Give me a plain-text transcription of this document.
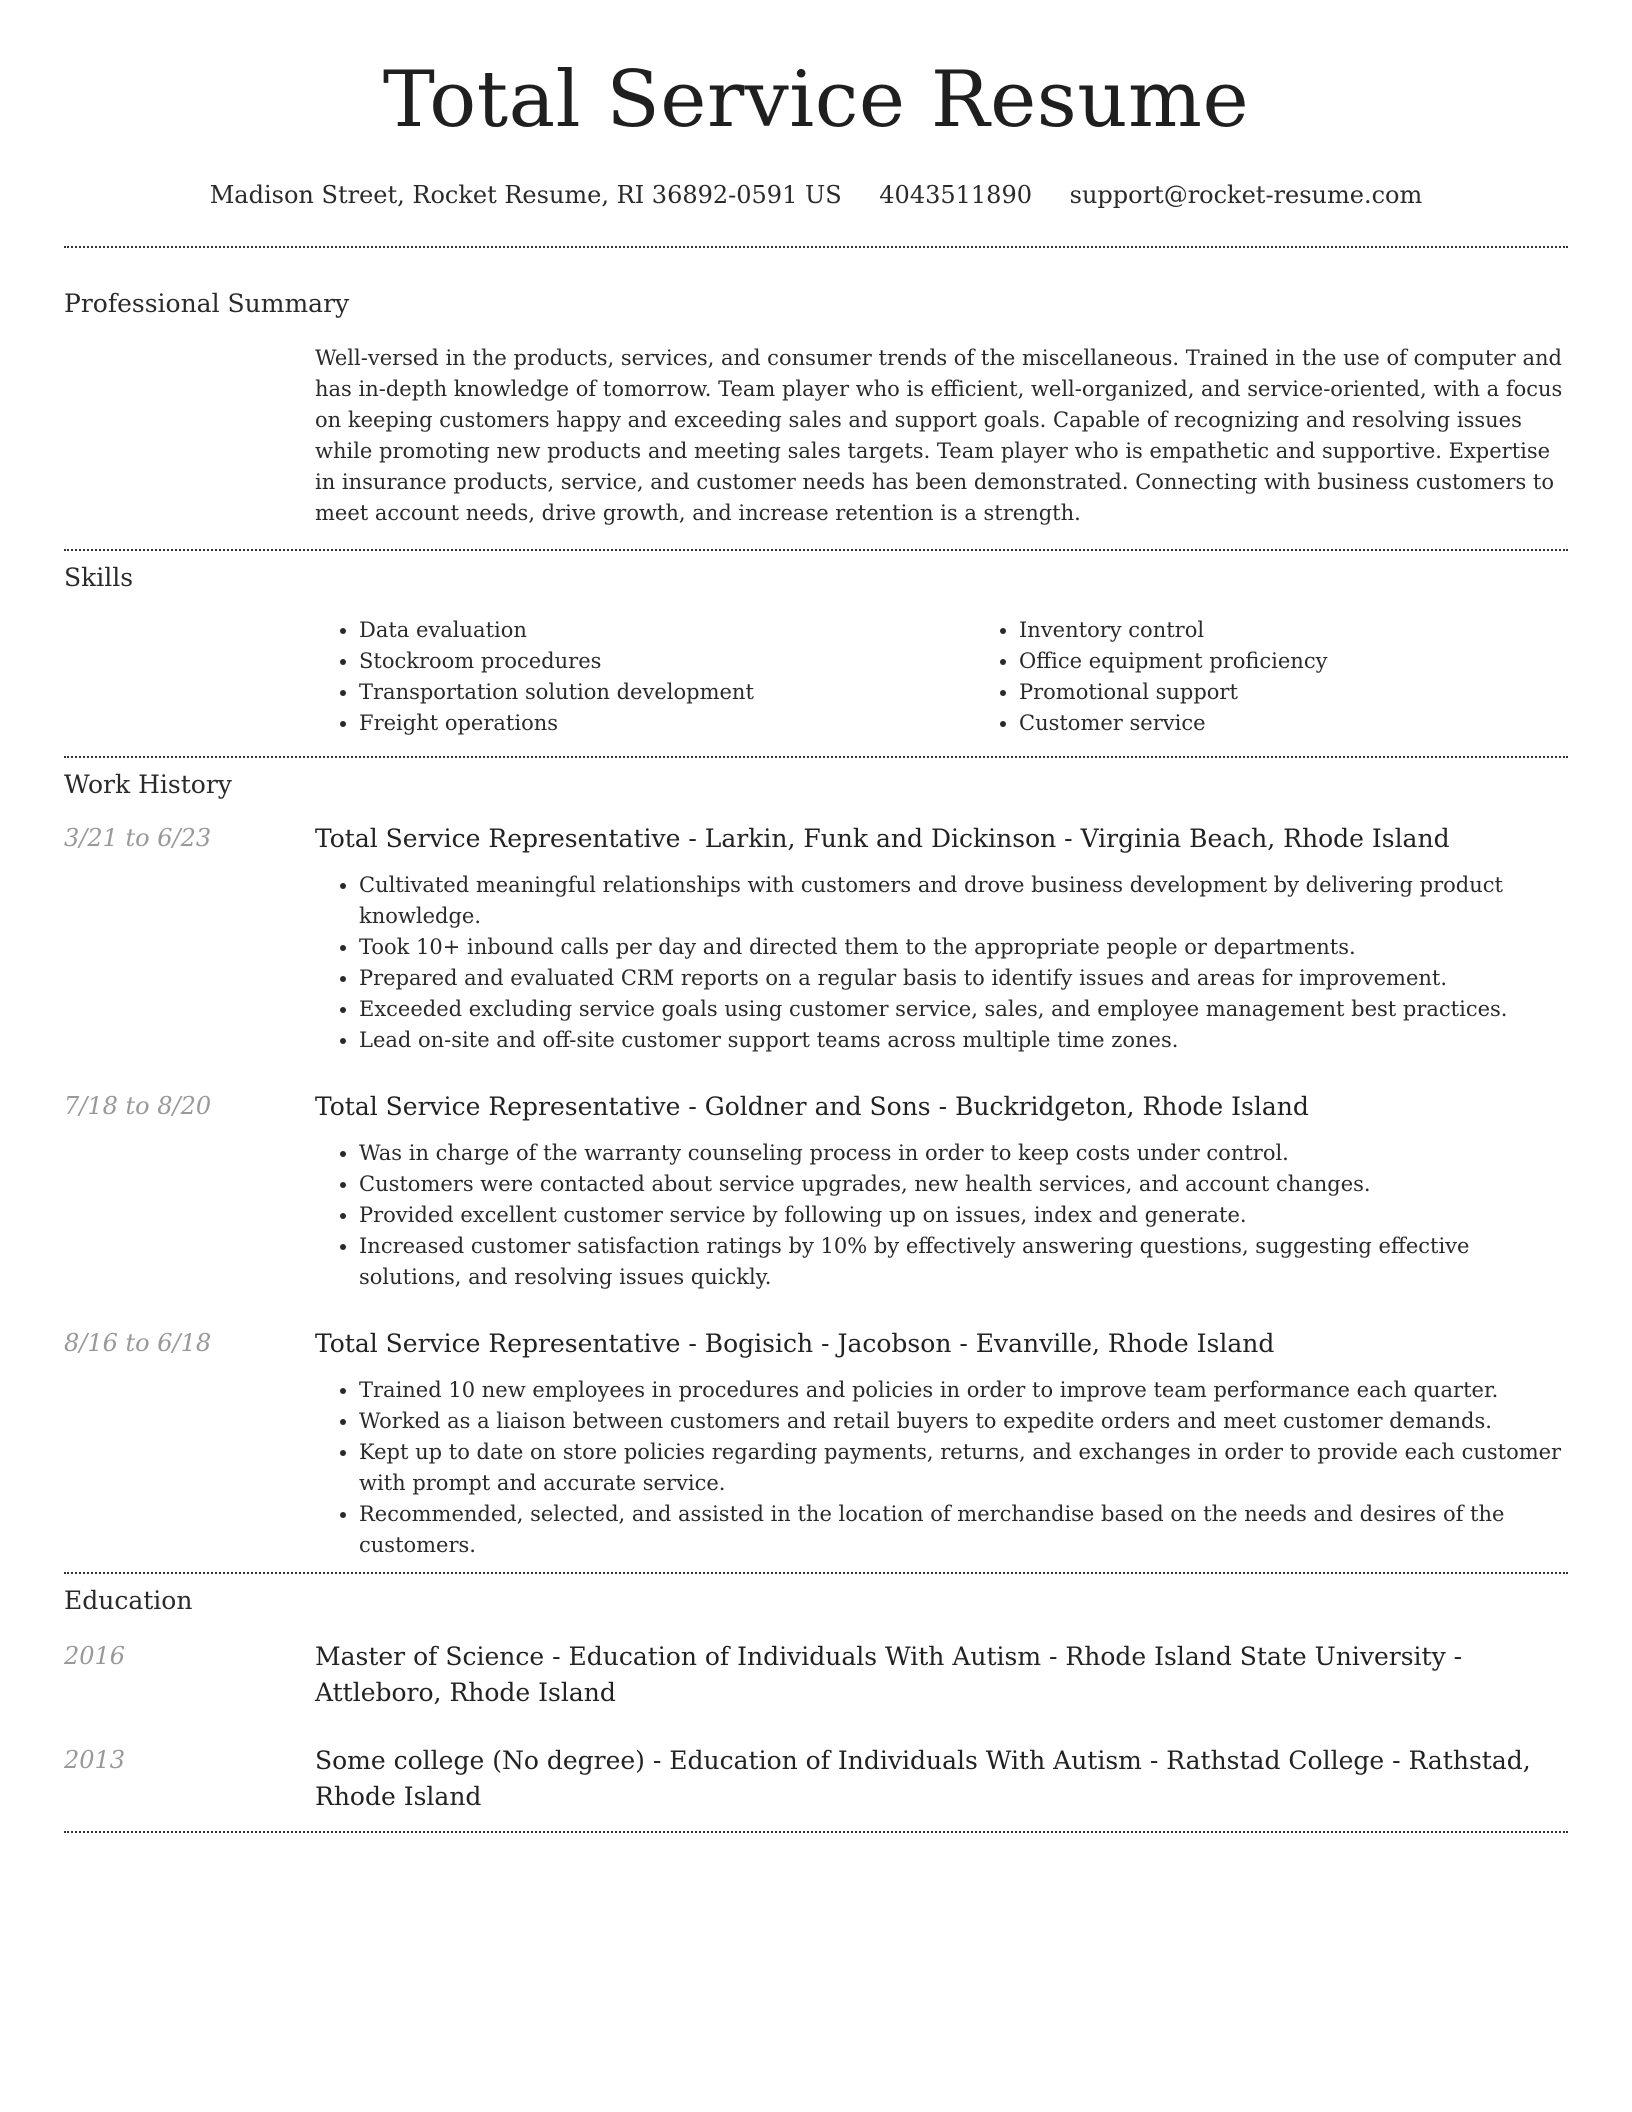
Total Service Resume
Madison Street, Rocket Resume, RI 36892-0591 US 4043511890 support@rocket-resume.com
Professional Summary

Well-versed in the products, services, and consumer trends of the miscellaneous. Trained in the use of computer and has in-depth knowledge of tomorrow. Team player who is efficient, well-organized, and service-oriented, with a focus on keeping customers happy and exceeding sales and support goals. Capable of recognizing and resolving issues while promoting new products and meeting sales targets. Team player who is empathetic and supportive. Expertise in insurance products, service, and customer needs has been demonstrated. Connecting with business customers to meet account needs, drive growth, and increase retention is a strength.

Skills
• Data evaluation
• Stockroom procedures
• Transportation solution development
• Freight operations
• Inventory control
• Office equipment proficiency
• Promotional support
• Customer service
Work History
3/21 to 6/23	Total Service Representative - Larkin, Funk and Dickinson - Virginia Beach, Rhode Island
• Cultivated meaningful relationships with customers and drove business development by delivering product knowledge.
• Took 10+ inbound calls per day and directed them to the appropriate people or departments.
• Prepared and evaluated CRM reports on a regular basis to identify issues and areas for improvement.
• Exceeded excluding service goals using customer service, sales, and employee management best practices.
• Lead on-site and off-site customer support teams across multiple time zones.
7/18 to 8/20	Total Service Representative - Goldner and Sons - Buckridgeton, Rhode Island
• Was in charge of the warranty counseling process in order to keep costs under control.
• Customers were contacted about service upgrades, new health services, and account changes.
• Provided excellent customer service by following up on issues, index and generate.
• Increased customer satisfaction ratings by 10% by effectively answering questions, suggesting effective solutions, and resolving issues quickly.
8/16 to 6/18	Total Service Representative - Bogisich - Jacobson - Evanville, Rhode Island
• Trained 10 new employees in procedures and policies in order to improve team performance each quarter.
• Worked as a liaison between customers and retail buyers to expedite orders and meet customer demands.
• Kept up to date on store policies regarding payments, returns, and exchanges in order to provide each customer with prompt and accurate service.
• Recommended, selected, and assisted in the location of merchandise based on the needs and desires of the customers.
Education
2016	Master of Science - Education of Individuals With Autism - Rhode Island State University - Attleboro, Rhode Island
2013	Some college (No degree) - Education of Individuals With Autism - Rathstad College - Rathstad, Rhode Island
